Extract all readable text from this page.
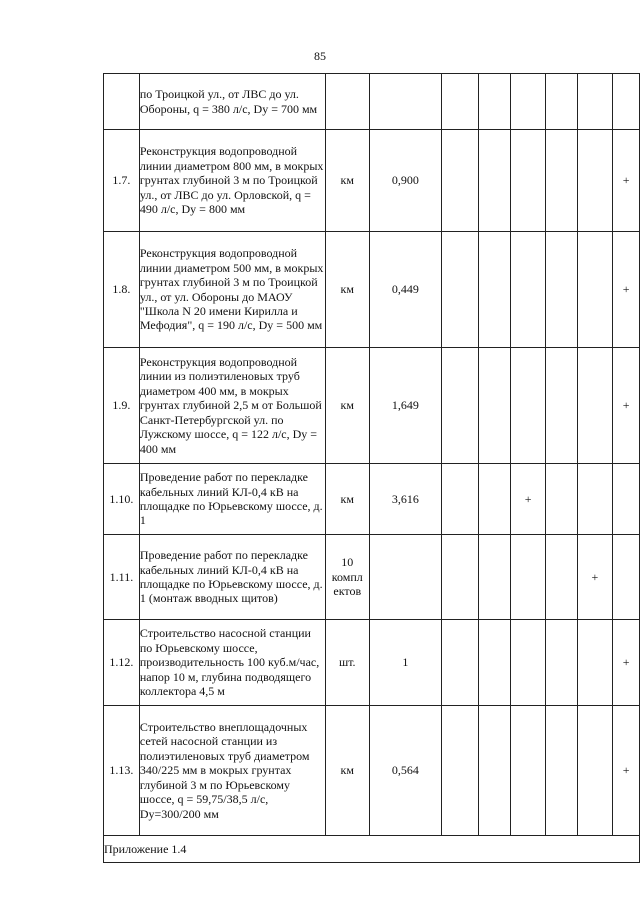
85
	по Троицкой ул., от ЛВС до ул. Обороны, q = 380 л/с, Dy = 700 мм								
1.7.	Реконструкция водопроводной линии диаметром 800 мм, в мокрых грунтах глубиной 3 м по Троицкой ул., от ЛВС до ул. Орловской, q = 490 л/с, Dy = 800 мм	км	0,900						+
1.8.	Реконструкция водопроводной линии диаметром 500 мм, в мокрых грунтах глубиной 3 м по Троицкой ул., от ул. Обороны до МАОУ "Школа N 20 имени Кирилла и Мефодия", q = 190 л/с, Dy = 500 мм	км	0,449						+
1.9.	Реконструкция водопроводной линии из полиэтиленовых труб диаметром 400 мм, в мокрых грунтах глубиной 2,5 м от Большой Санкт-Петербургской ул. по Лужскому шоссе, q = 122 л/с, Dy = 400 мм	км	1,649						+
1.10.	Проведение работ по перекладке кабельных линий КЛ-0,4 кВ на площадке по Юрьевскому шоссе, д. 1	км	3,616			+			
1.11.	Проведение работ по перекладке кабельных линий КЛ-0,4 кВ на площадке по Юрьевскому шоссе, д. 1 (монтаж вводных щитов)	10 компл ектов						+	
1.12.	Строительство насосной станции по Юрьевскому шоссе, производительность 100 куб.м/час, напор 10 м, глубина подводящего коллектора 4,5 м	шт.	1						+
1.13.	Строительство внеплощадочных сетей насосной станции из полиэтиленовых труб диаметром 340/225 мм в мокрых грунтах глубиной 3 м по Юрьевскому шоссе, q = 59,75/38,5 л/с, Dy=300/200 мм	км	0,564						+
Приложение 1.4									
